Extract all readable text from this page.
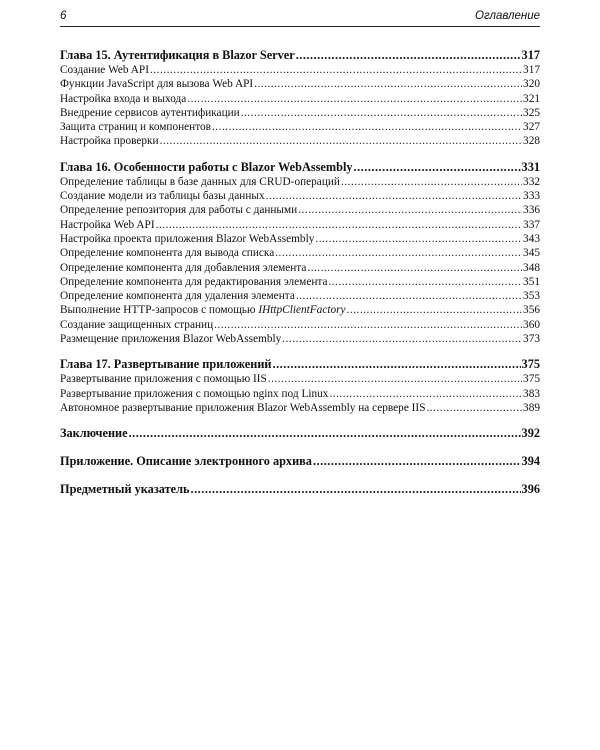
6	Оглавление
Глава 15. Аутентификация в Blazor Server .....	317
Создание Web API .....	317
Функции JavaScript для вызова Web API .....	320
Настройка входа и выхода .....	321
Внедрение сервисов аутентификации .....	325
Защита страниц и компонентов .....	327
Настройка проверки .....	328
Глава 16. Особенности работы с Blazor WebAssembly .....	331
Определение таблицы в базе данных для CRUD-операций .....	332
Создание модели из таблицы базы данных .....	333
Определение репозитория для работы с данными .....	336
Настройка Web API .....	337
Настройка проекта приложения Blazor WebAssembly .....	343
Определение компонента для вывода списка .....	345
Определение компонента для добавления элемента .....	348
Определение компонента для редактирования элемента .....	351
Определение компонента для удаления элемента .....	353
Выполнение HTTP-запросов с помощью IHttpClientFactory .....	356
Создание защищенных страниц .....	360
Размещение приложения Blazor WebAssembly .....	373
Глава 17. Развертывание приложений .....	375
Развертывание приложения с помощью IIS .....	375
Развертывание приложения с помощью nginx под Linux .....	383
Автономное развертывание приложения Blazor WebAssembly на сервере IIS .....	389
Заключение .....	392
Приложение. Описание электронного архива .....	394
Предметный указатель .....	396
